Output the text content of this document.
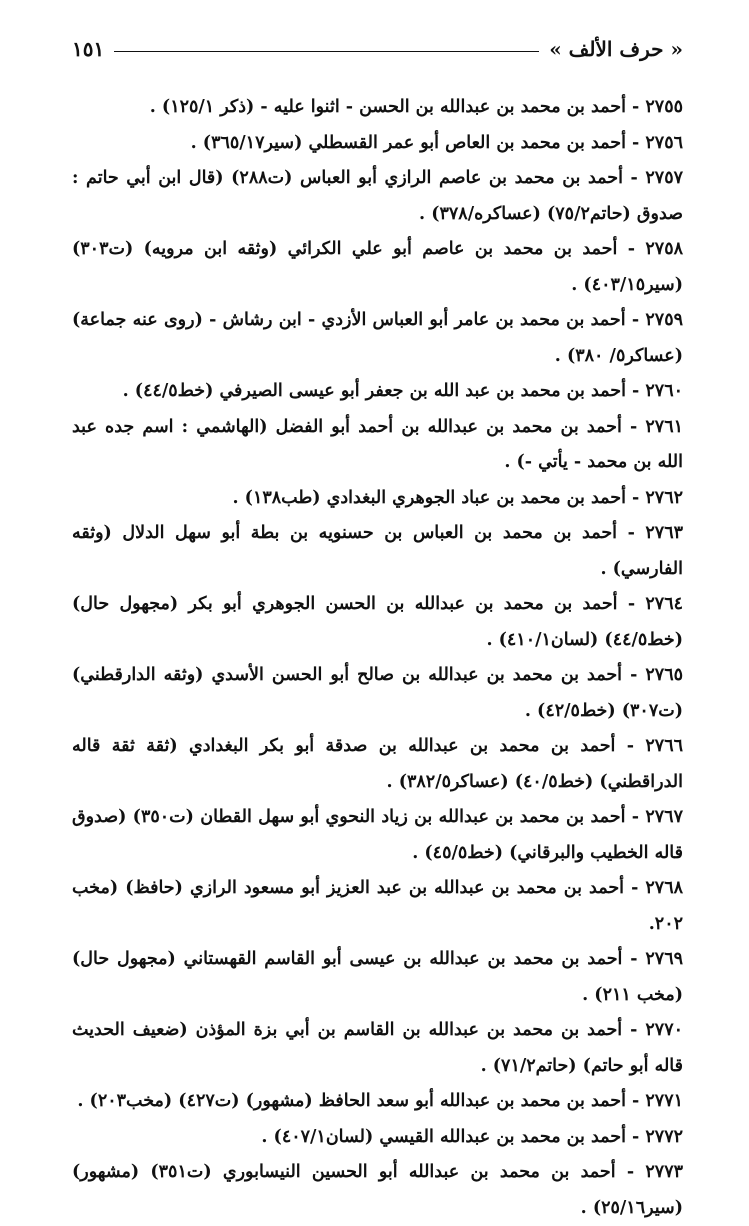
١٥١	« حرف الألف »

٢٧٥٥ - أحمد بن محمد بن عبدالله بن الحسن - اثنوا عليه - (ذكر ١٢٥/١) .

٢٧٥٦ - أحمد بن محمد بن العاص أبو عمر القسطلي (سير٣٦٥/١٧) .

٢٧٥٧ - أحمد بن محمد بن عاصم الرازي أبو العباس (ت٢٨٨) (قال ابن أبي حاتم : صدوق (حاتم٧٥/٢) (عساكره/٣٧٨) .

٢٧٥٨ - أحمد بن محمد بن عاصم أبو علي الكرائي (وثقه ابن مرويه) (ت٣٠٣) (سير٤٠٣/١٥) .

٢٧٥٩ - أحمد بن محمد بن عامر أبو العباس الأزدي - ابن رشاش - (روى عنه جماعة) (عساكر٥/ ٣٨٠) .

٢٧٦٠ - أحمد بن محمد بن عبد الله بن جعفر أبو عيسى الصيرفي (خط٤٤/٥) .

٢٧٦١ - أحمد بن محمد بن عبدالله بن أحمد أبو الفضل (الهاشمي : اسم جده عبد الله بن محمد - يأتي -) .

٢٧٦٢ - أحمد بن محمد بن عباد الجوهري البغدادي (طب١٣٨) .

٢٧٦٣ - أحمد بن محمد بن العباس بن حسنويه بن بطة أبو سهل الدلال (وثقه الفارسي) .

٢٧٦٤ - أحمد بن محمد بن عبدالله بن الحسن الجوهري أبو بكر (مجهول حال) (خط٤٤/٥) (لسان٤١٠/١) .

٢٧٦٥ - أحمد بن محمد بن عبدالله بن صالح أبو الحسن الأسدي (وثقه الدارقطني) (ت٣٠٧) (خط٤٢/٥) .

٢٧٦٦ - أحمد بن محمد بن عبدالله بن صدقة أبو بكر البغدادي (ثقة ثقة قاله الدراقطني) (خط٤٠/٥) (عساكر٣٨٢/٥) .

٢٧٦٧ - أحمد بن محمد بن عبدالله بن زياد النحوي أبو سهل القطان (ت٣٥٠) (صدوق قاله الخطيب والبرقاني) (خط٤٥/٥) .

٢٧٦٨ - أحمد بن محمد بن عبدالله بن عبد العزيز أبو مسعود الرازي (حافظ) (مخب ٢٠٢.

٢٧٦٩ - أحمد بن محمد بن عبدالله بن عيسى أبو القاسم القهستاني (مجهول حال) (مخب ٢١١) .

٢٧٧٠ - أحمد بن محمد بن عبدالله بن القاسم بن أبي بزة المؤذن (ضعيف الحديث قاله أبو حاتم) (حاتم٧١/٢) .

٢٧٧١ - أحمد بن محمد بن عبدالله أبو سعد الحافظ (مشهور) (ت٤٢٧) (مخب٢٠٣) .

٢٧٧٢ - أحمد بن محمد بن عبدالله القيسي (لسان٤٠٧/١) .

٢٧٧٣ - أحمد بن محمد بن عبدالله أبو الحسين النيسابوري (ت٣٥١) (مشهور) (سير٢٥/١٦) .
